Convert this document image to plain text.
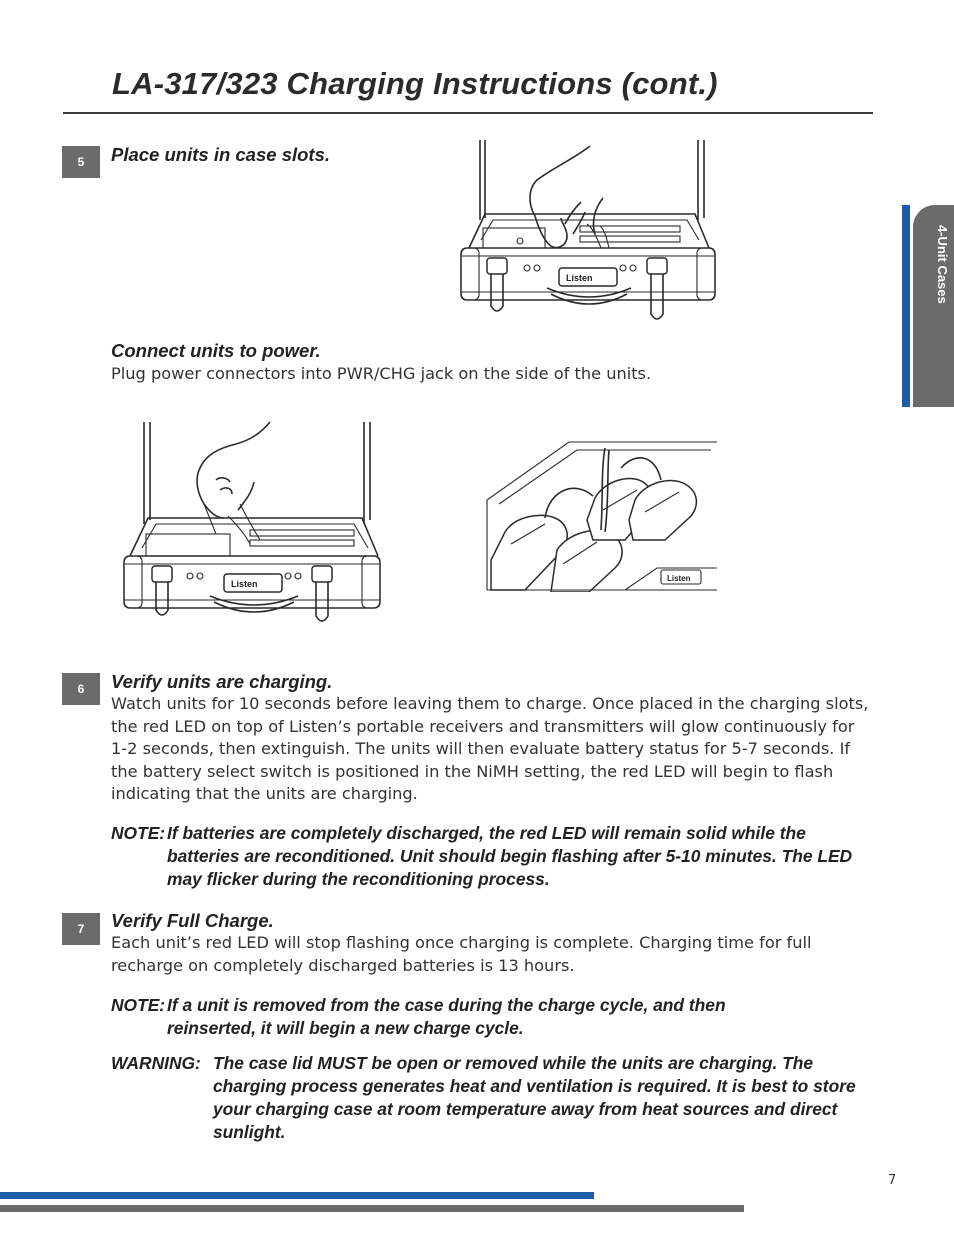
LA-317/323 Charging Instructions (cont.)
4-Unit Cases
5	Place units in case slots.

Listen

Connect units to power.

Plug power connectors into PWR/CHG jack on the side of the units.

Listen
Listen
6	Verify units are charging.

Watch units for 10 seconds before leaving them to charge. Once placed in the charging slots, the red LED on top of Listen’s portable receivers and transmitters will glow continuously for 1-2 seconds, then extinguish. The units will then evaluate battery status for 5-7 seconds. If the battery select switch is positioned in the NiMH setting, the red LED will begin to flash indicating that the units are charging.

NOTE: If batteries are completely discharged, the red LED will remain solid while the batteries are reconditioned. Unit should begin flashing after 5-10 minutes. The LED may flicker during the reconditioning process.

7	Verify Full Charge.

Each unit’s red LED will stop flashing once charging is complete. Charging time for full recharge on completely discharged batteries is 13 hours.

NOTE: If a unit is removed from the case during the charge cycle, and then reinserted, it will begin a new charge cycle.

WARNING: The case lid MUST be open or removed while the units are charging. The charging process generates heat and ventilation is required. It is best to store your charging case at room temperature away from heat sources and direct sunlight.

7
